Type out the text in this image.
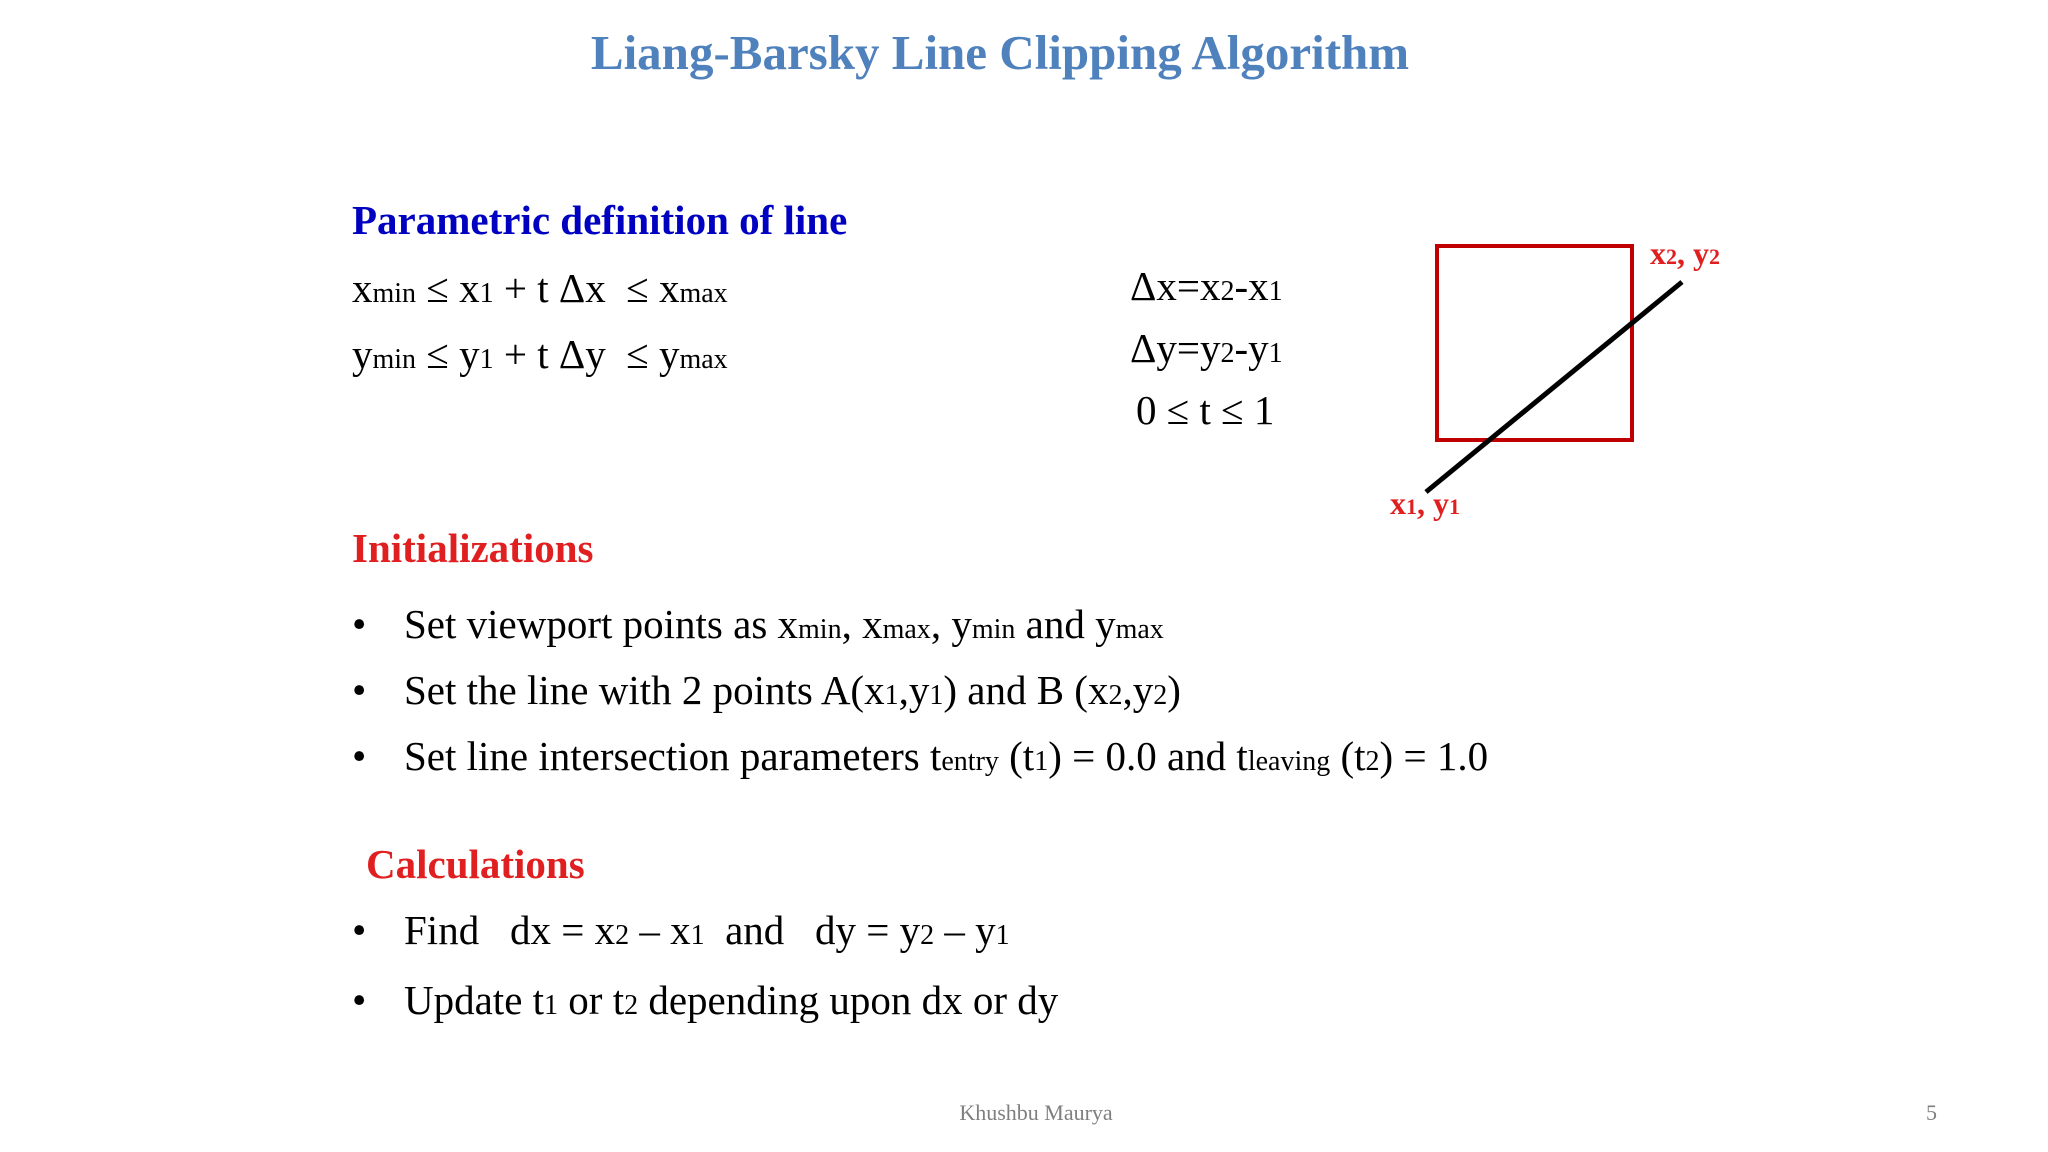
Liang-Barsky Line Clipping Algorithm
Parametric definition of line
xmin ≤ x1 + t Δx  ≤ xmax
ymin ≤ y1 + t Δy  ≤ ymax
Δx=x2-x1
Δy=y2-y1
0 ≤ t ≤ 1
x2, y2
x1, y1
Initializations
• Set viewport points as xmin, xmax, ymin and ymax
• Set the line with 2 points A(x1,y1) and B (x2,y2)
• Set line intersection parameters tentry (t1) = 0.0 and tleaving (t2) = 1.0
Calculations
• Find   dx = x2 – x1  and   dy = y2 – y1
• Update t1 or t2 depending upon dx or dy
Khushbu Maurya	5
